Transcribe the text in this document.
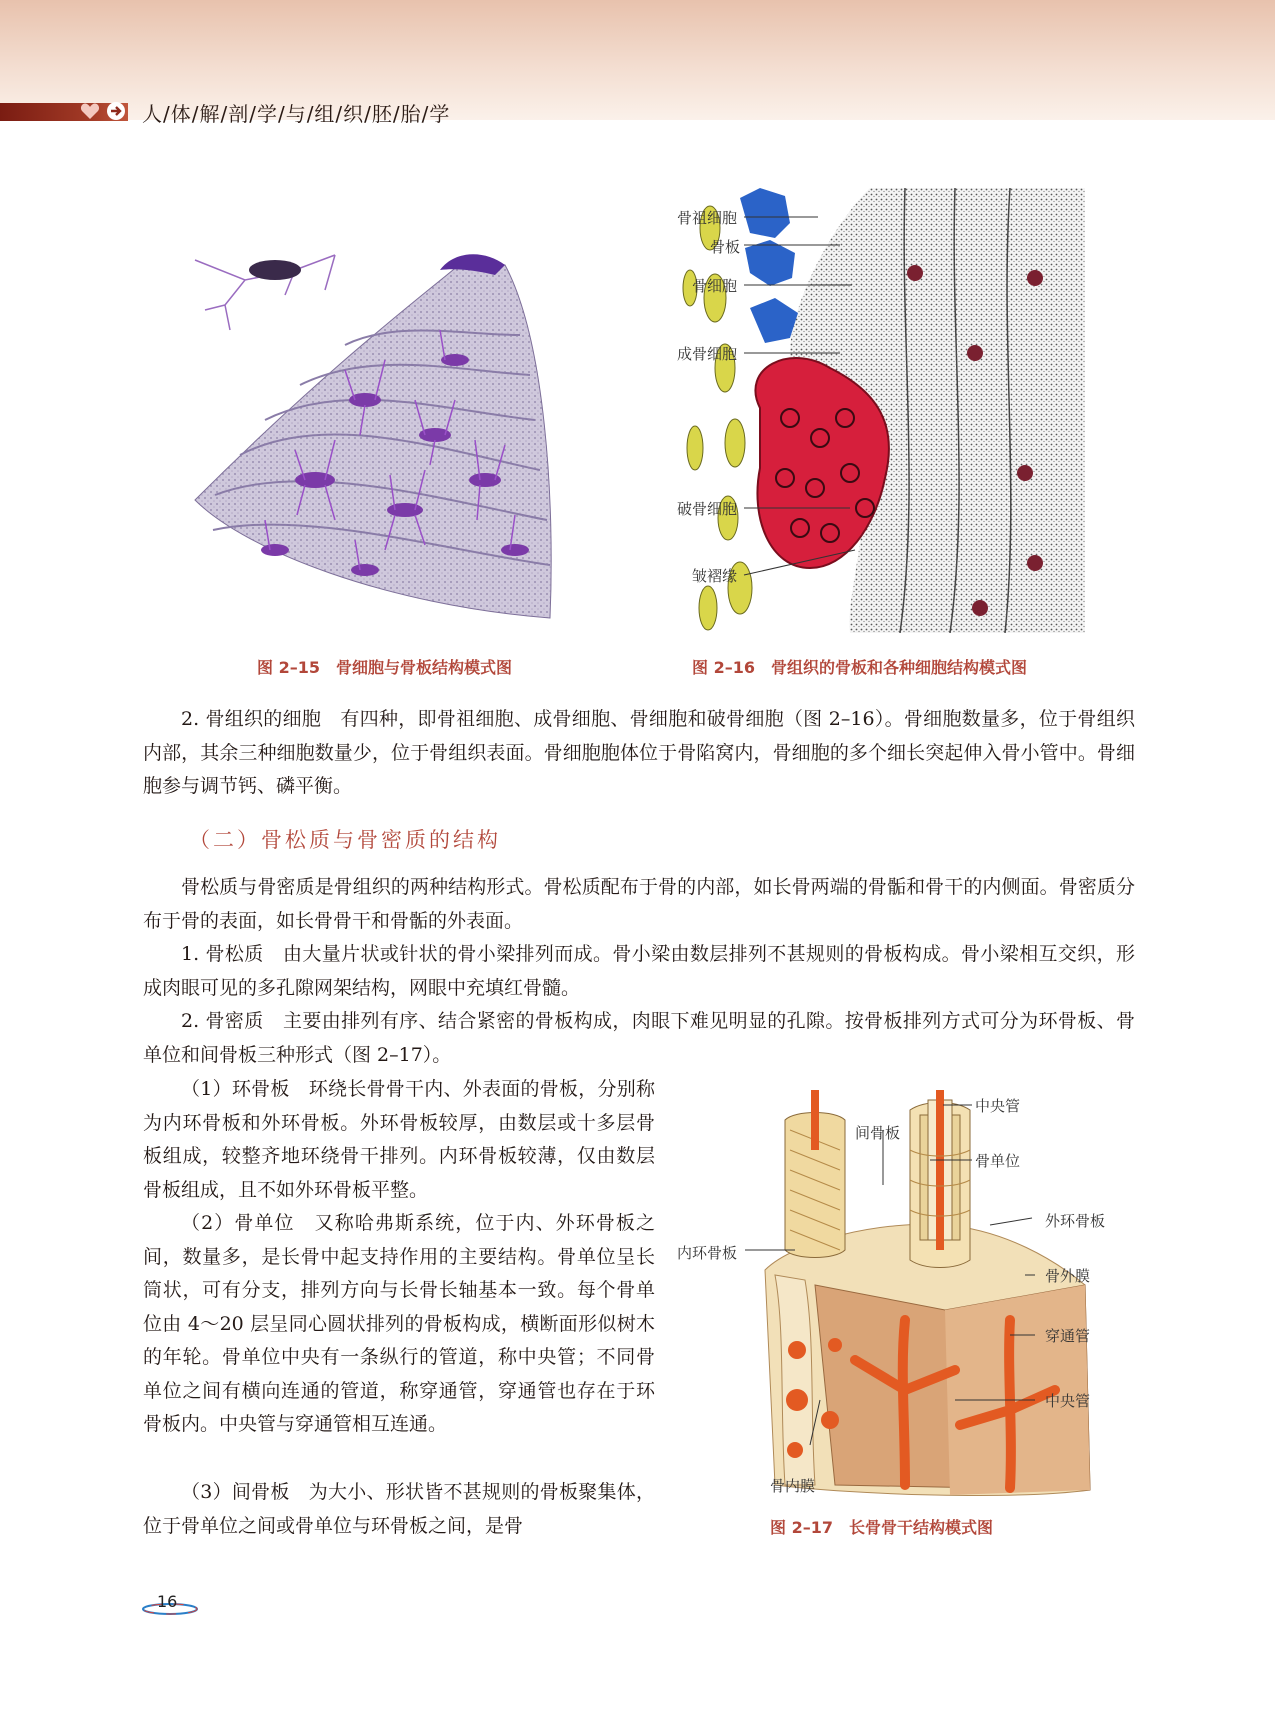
人/体/解/剖/学/与/组/织/胚/胎/学
图 2–15　骨细胞与骨板结构模式图
骨祖细胞
骨板
骨细胞
成骨细胞
破骨细胞
皱褶缘
图 2–16　骨组织的骨板和各种细胞结构模式图
2. 骨组织的细胞　有四种，即骨祖细胞、成骨细胞、骨细胞和破骨细胞（图 2–16）。骨细胞数量多，位于骨组织内部，其余三种细胞数量少，位于骨组织表面。骨细胞胞体位于骨陷窝内，骨细胞的多个细长突起伸入骨小管中。骨细胞参与调节钙、磷平衡。
（二）骨松质与骨密质的结构
骨松质与骨密质是骨组织的两种结构形式。骨松质配布于骨的内部，如长骨两端的骨骺和骨干的内侧面。骨密质分布于骨的表面，如长骨骨干和骨骺的外表面。
1. 骨松质　由大量片状或针状的骨小梁排列而成。骨小梁由数层排列不甚规则的骨板构成。骨小梁相互交织，形成肉眼可见的多孔隙网架结构，网眼中充填红骨髓。
2. 骨密质　主要由排列有序、结合紧密的骨板构成，肉眼下难见明显的孔隙。按骨板排列方式可分为环骨板、骨单位和间骨板三种形式（图 2–17）。
（1）环骨板　环绕长骨骨干内、外表面的骨板，分别称为内环骨板和外环骨板。外环骨板较厚，由数层或十多层骨板组成，较整齐地环绕骨干排列。内环骨板较薄，仅由数层骨板组成，且不如外环骨板平整。
（2）骨单位　又称哈弗斯系统，位于内、外环骨板之间，数量多，是长骨中起支持作用的主要结构。骨单位呈长筒状，可有分支，排列方向与长骨长轴基本一致。每个骨单位由 4～20 层呈同心圆状排列的骨板构成，横断面形似树木的年轮。骨单位中央有一条纵行的管道，称中央管；不同骨单位之间有横向连通的管道，称穿通管，穿通管也存在于环骨板内。中央管与穿通管相互连通。
（3）间骨板　为大小、形状皆不甚规则的骨板聚集体，位于骨单位之间或骨单位与环骨板之间，是骨
中央管
间骨板
骨单位
外环骨板
内环骨板
骨外膜
穿通管
中央管
骨内膜
图 2–17　长骨骨干结构模式图
16
